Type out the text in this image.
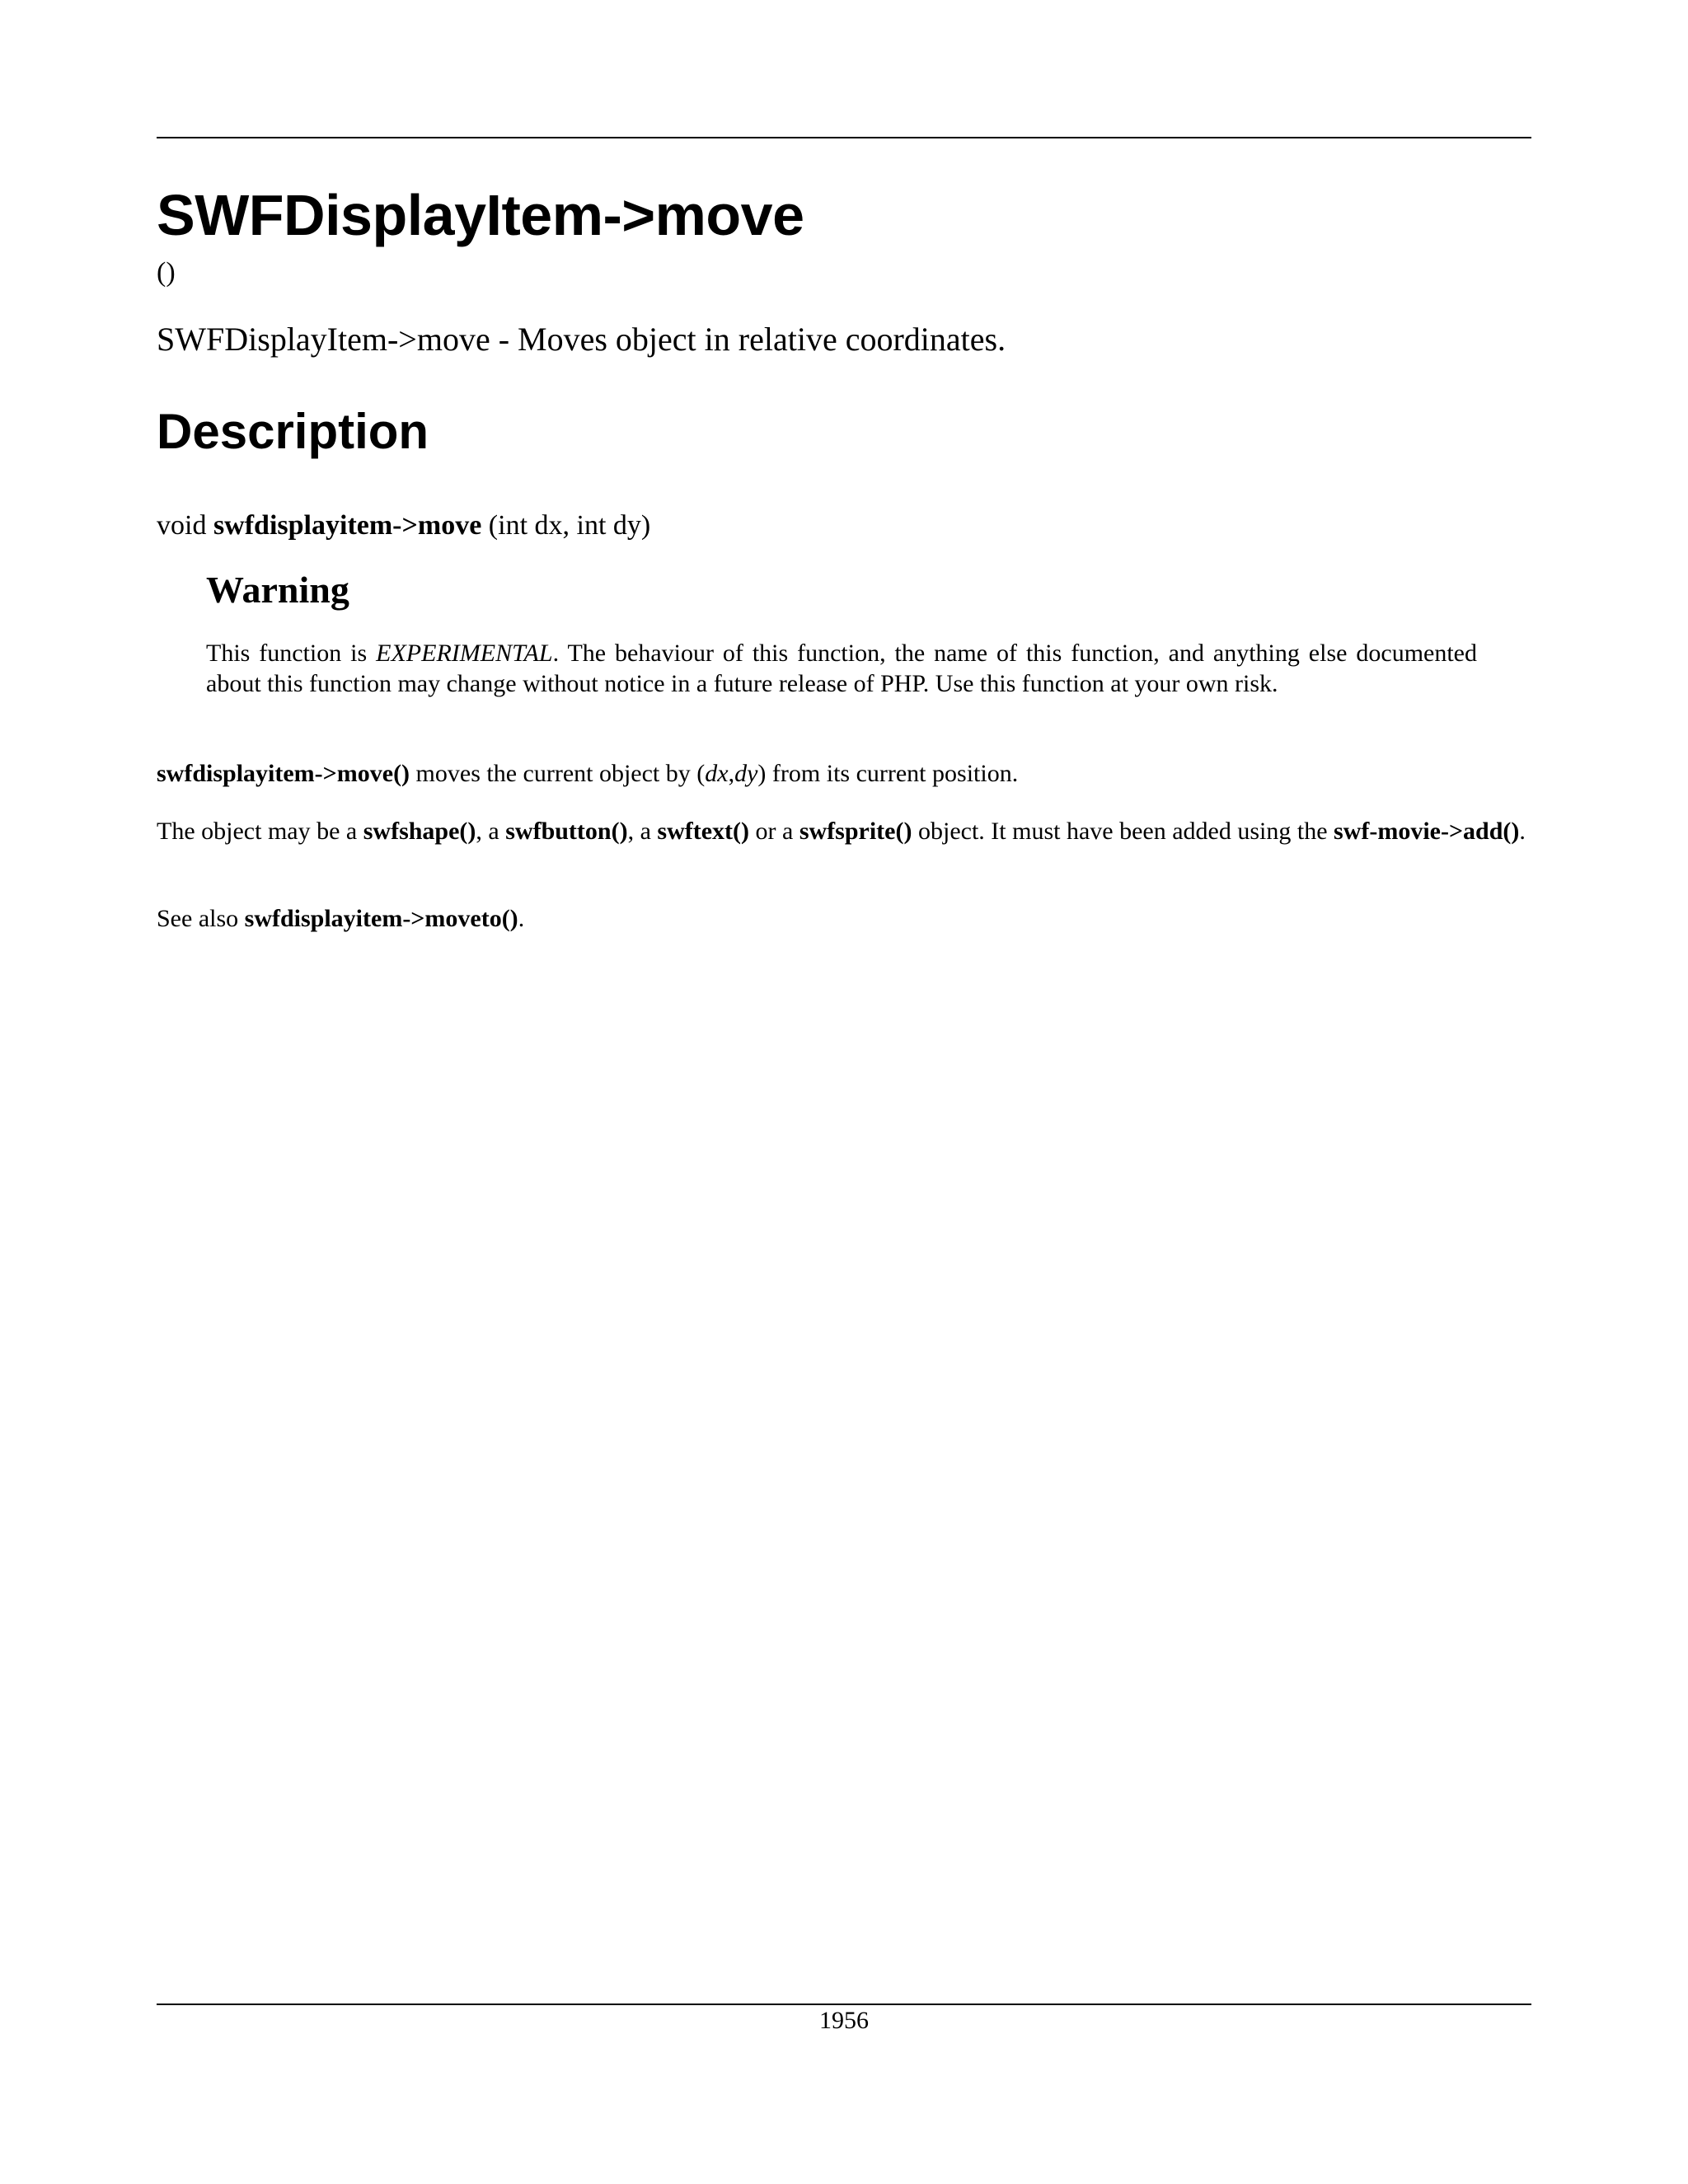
SWFDisplayItem->move
()
SWFDisplayItem->move - Moves object in relative coordinates.
Description
void swfdisplayitem->move (int dx, int dy)
Warning
This function is EXPERIMENTAL. The behaviour of this function, the name of this function, and anything else documented about this function may change without notice in a future release of PHP. Use this function at your own risk.
swfdisplayitem->move() moves the current object by (dx,dy) from its current position.
The object may be a swfshape(), a swfbutton(), a swftext() or a swfsprite() object. It must have been added using the swf-movie->add().
See also swfdisplayitem->moveto().
1956
